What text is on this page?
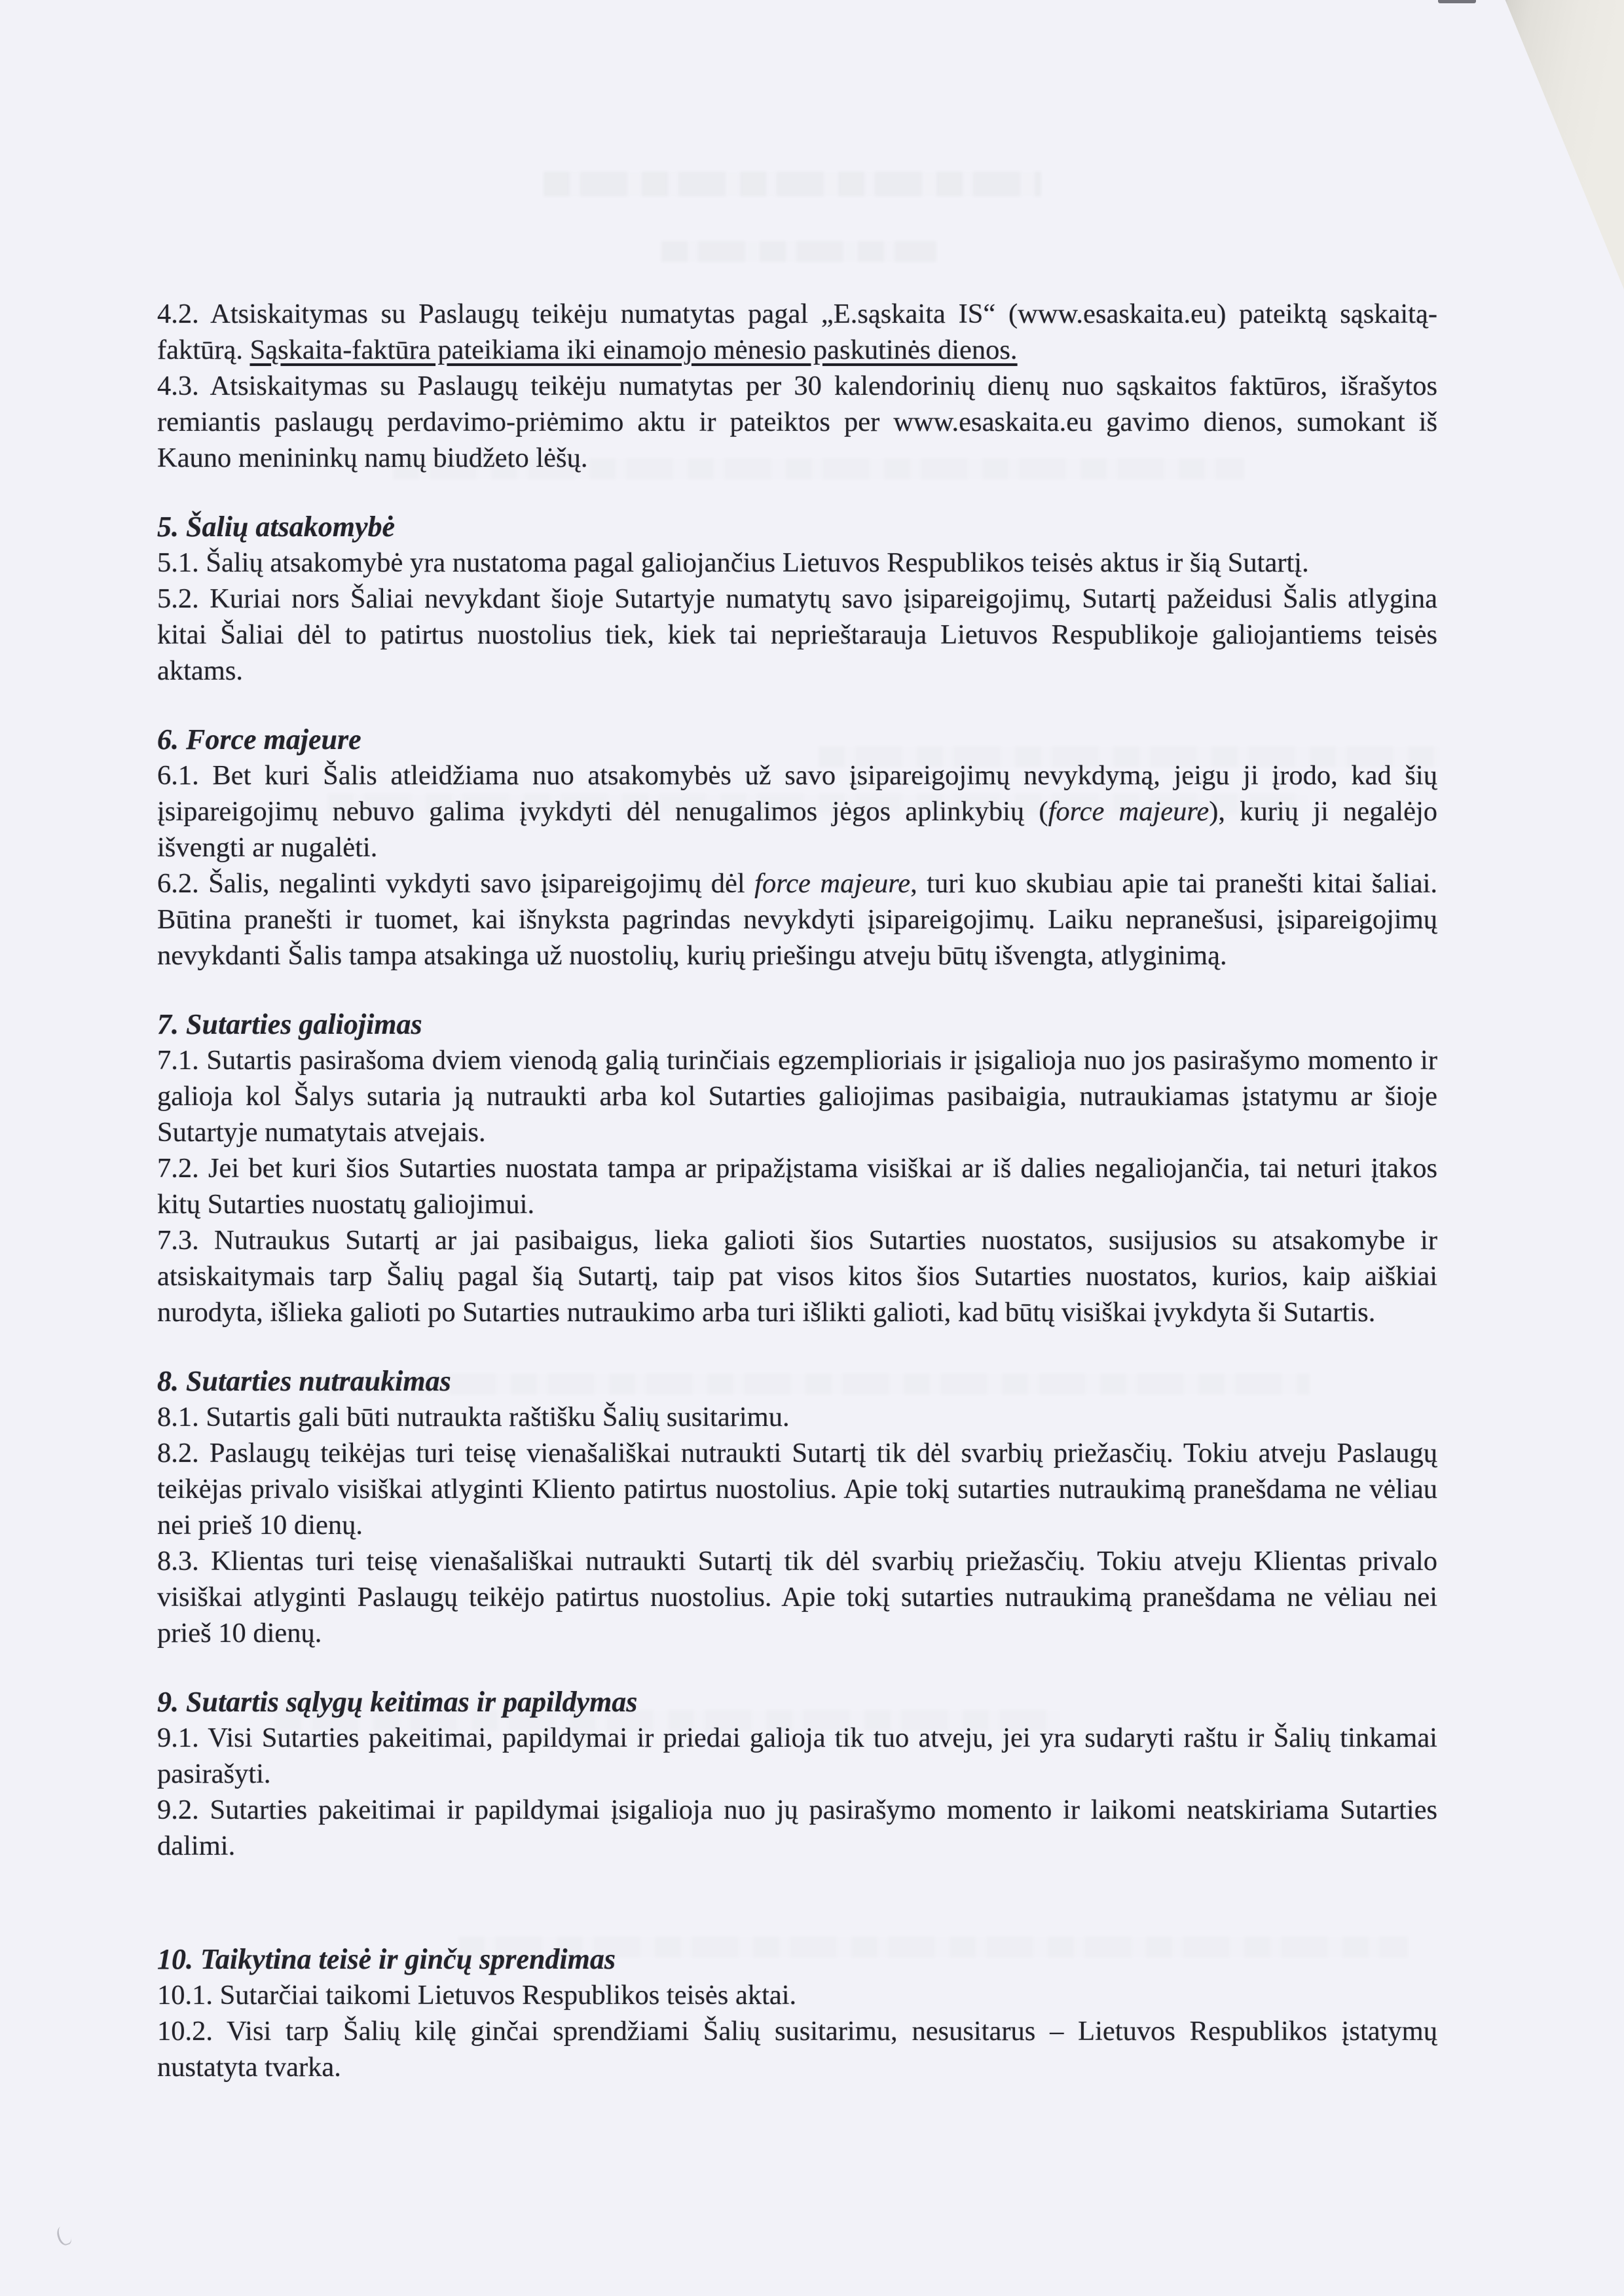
4.2. Atsiskaitymas su Paslaugų teikėju numatytas pagal „E.sąskaita IS“ (www.esaskaita.eu) pateiktą sąskaitą-faktūrą. Sąskaita-faktūra pateikiama iki einamojo mėnesio paskutinės dienos.

4.3. Atsiskaitymas su Paslaugų teikėju numatytas per 30 kalendorinių dienų nuo sąskaitos faktūros, išrašytos remiantis paslaugų perdavimo-priėmimo aktu ir pateiktos per www.esaskaita.eu gavimo dienos, sumokant iš Kauno menininkų namų biudžeto lėšų.

5. Šalių atsakomybė

5.1. Šalių atsakomybė yra nustatoma pagal galiojančius Lietuvos Respublikos teisės aktus ir šią Sutartį.

5.2. Kuriai nors Šaliai nevykdant šioje Sutartyje numatytų savo įsipareigojimų, Sutartį pažeidusi Šalis atlygina kitai Šaliai dėl to patirtus nuostolius tiek, kiek tai neprieštarauja Lietuvos Respublikoje galiojantiems teisės aktams.

6. Force majeure

6.1. Bet kuri Šalis atleidžiama nuo atsakomybės už savo įsipareigojimų nevykdymą, jeigu ji įrodo, kad šių įsipareigojimų nebuvo galima įvykdyti dėl nenugalimos jėgos aplinkybių (force majeure), kurių ji negalėjo išvengti ar nugalėti.

6.2. Šalis, negalinti vykdyti savo įsipareigojimų dėl force majeure, turi kuo skubiau apie tai pranešti kitai šaliai. Būtina pranešti ir tuomet, kai išnyksta pagrindas nevykdyti įsipareigojimų. Laiku nepranešusi, įsipareigojimų nevykdanti Šalis tampa atsakinga už nuostolių, kurių priešingu atveju būtų išvengta, atlyginimą.

7. Sutarties galiojimas

7.1. Sutartis pasirašoma dviem vienodą galią turinčiais egzemplioriais ir įsigalioja nuo jos pasirašymo momento ir galioja kol Šalys sutaria ją nutraukti arba kol Sutarties galiojimas pasibaigia, nutraukiamas įstatymu ar šioje Sutartyje numatytais atvejais.

7.2. Jei bet kuri šios Sutarties nuostata tampa ar pripažįstama visiškai ar iš dalies negaliojančia, tai neturi įtakos kitų Sutarties nuostatų galiojimui.

7.3. Nutraukus Sutartį ar jai pasibaigus, lieka galioti šios Sutarties nuostatos, susijusios su atsakomybe ir atsiskaitymais tarp Šalių pagal šią Sutartį, taip pat visos kitos šios Sutarties nuostatos, kurios, kaip aiškiai nurodyta, išlieka galioti po Sutarties nutraukimo arba turi išlikti galioti, kad būtų visiškai įvykdyta ši Sutartis.

8. Sutarties nutraukimas

8.1. Sutartis gali būti nutraukta raštišku Šalių susitarimu.

8.2. Paslaugų teikėjas turi teisę vienašališkai nutraukti Sutartį tik dėl svarbių priežasčių. Tokiu atveju Paslaugų teikėjas privalo visiškai atlyginti Kliento patirtus nuostolius. Apie tokį sutarties nutraukimą pranešdama ne vėliau nei prieš 10 dienų.

8.3. Klientas turi teisę vienašališkai nutraukti Sutartį tik dėl svarbių priežasčių. Tokiu atveju Klientas privalo visiškai atlyginti Paslaugų teikėjo patirtus nuostolius. Apie tokį sutarties nutraukimą pranešdama ne vėliau nei prieš 10 dienų.

9. Sutartis sąlygų keitimas ir papildymas

9.1. Visi Sutarties pakeitimai, papildymai ir priedai galioja tik tuo atveju, jei yra sudaryti raštu ir Šalių tinkamai pasirašyti.

9.2. Sutarties pakeitimai ir papildymai įsigalioja nuo jų pasirašymo momento ir laikomi neatskiriama Sutarties dalimi.

10. Taikytina teisė ir ginčų sprendimas

10.1. Sutarčiai taikomi Lietuvos Respublikos teisės aktai.

10.2. Visi tarp Šalių kilę ginčai sprendžiami Šalių susitarimu, nesusitarus – Lietuvos Respublikos įstatymų nustatyta tvarka.
